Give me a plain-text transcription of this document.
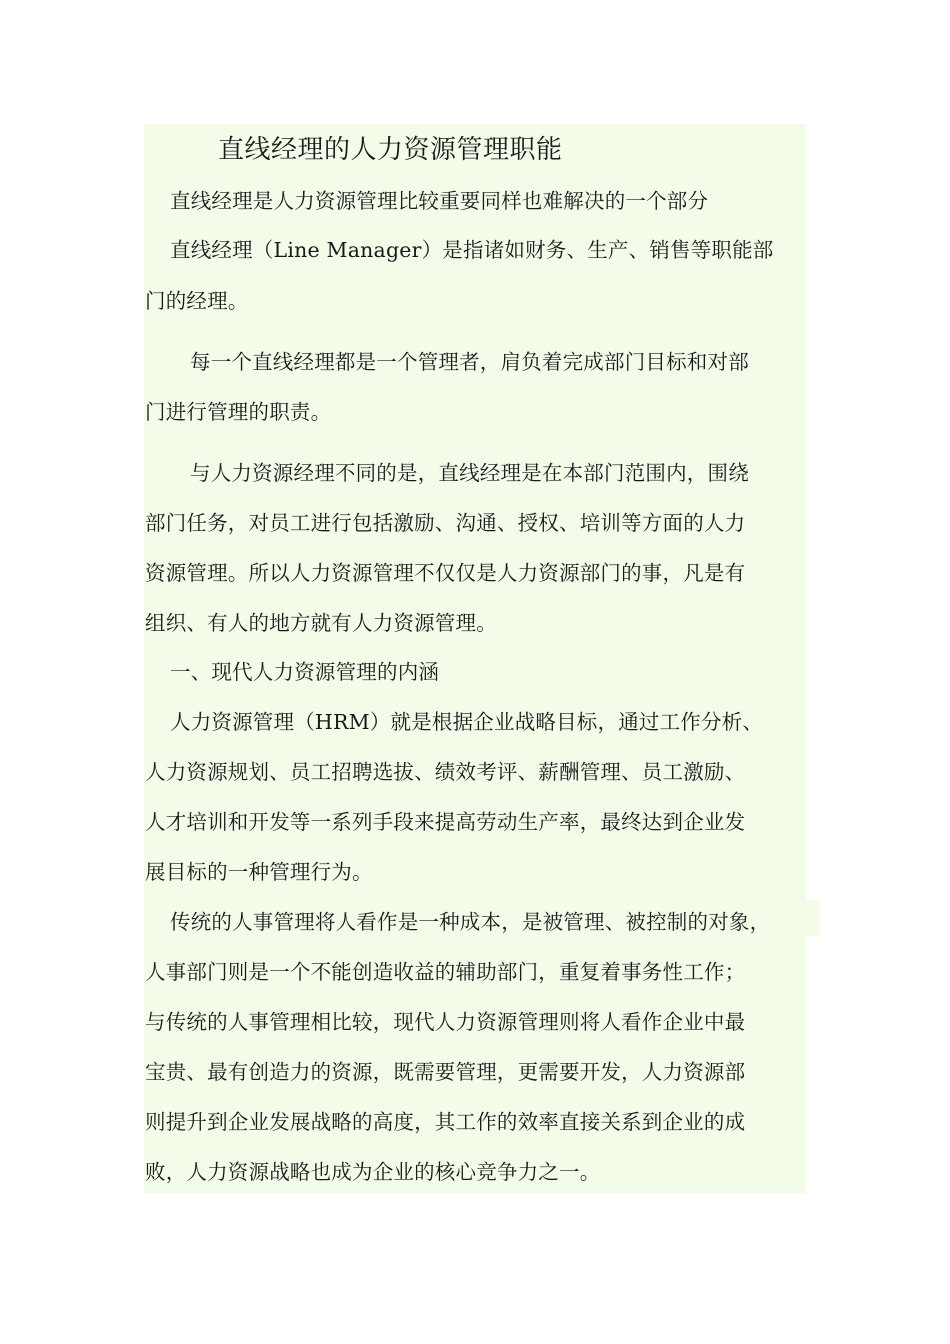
直线经理的人力资源管理职能
直线经理是人力资源管理比较重要同样也难解决的一个部分
直线经理（Line Manager）是指诸如财务、生产、销售等职能部
门的经理。
每一个直线经理都是一个管理者，肩负着完成部门目标和对部
门进行管理的职责。
与人力资源经理不同的是，直线经理是在本部门范围内，围绕
部门任务，对员工进行包括激励、沟通、授权、培训等方面的人力
资源管理。所以人力资源管理不仅仅是人力资源部门的事，凡是有
组织、有人的地方就有人力资源管理。
一、现代人力资源管理的内涵
人力资源管理（HRM）就是根据企业战略目标，通过工作分析、
人力资源规划、员工招聘选拔、绩效考评、薪酬管理、员工激励、
人才培训和开发等一系列手段来提高劳动生产率，最终达到企业发
展目标的一种管理行为。
传统的人事管理将人看作是一种成本，是被管理、被控制的对象，
人事部门则是一个不能创造收益的辅助部门，重复着事务性工作；
与传统的人事管理相比较，现代人力资源管理则将人看作企业中最
宝贵、最有创造力的资源，既需要管理，更需要开发，人力资源部
则提升到企业发展战略的高度，其工作的效率直接关系到企业的成
败，人力资源战略也成为企业的核心竞争力之一。
